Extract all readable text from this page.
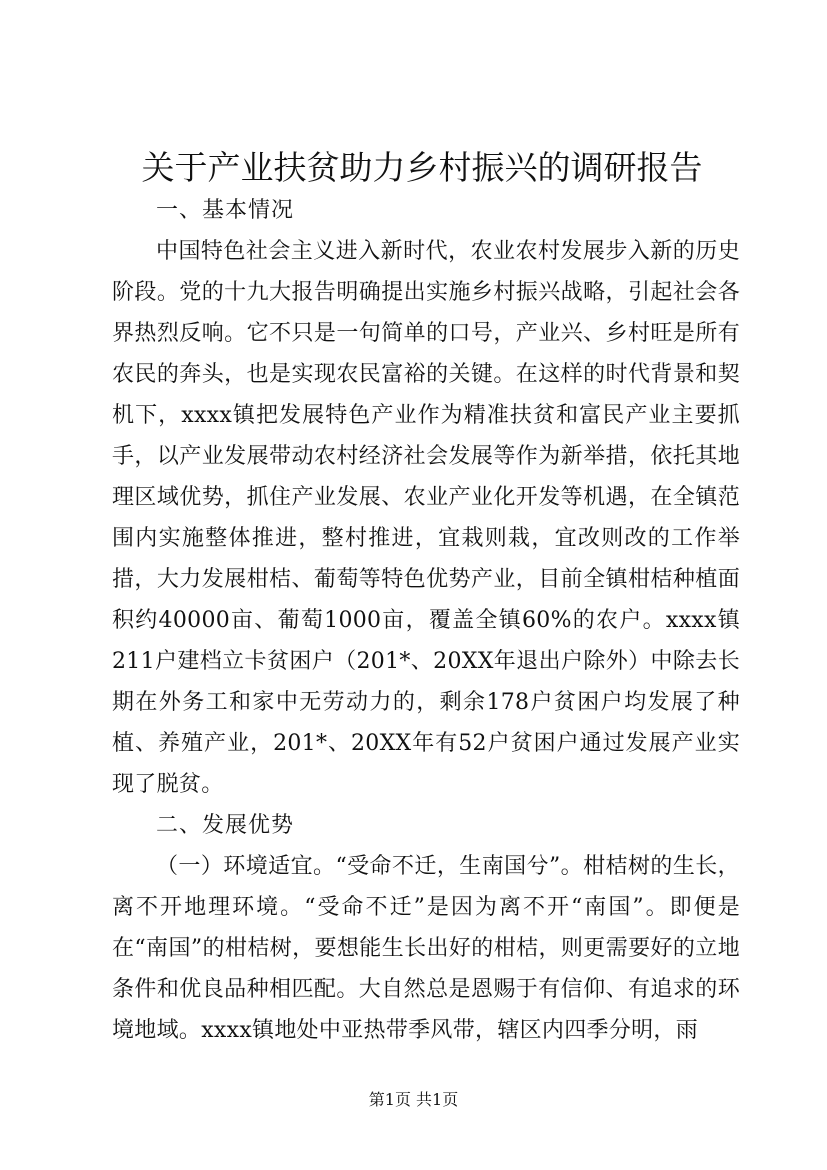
关于产业扶贫助力乡村振兴的调研报告

一、基本情况

中国特色社会主义进入新时代，农业农村发展步入新的历史阶段。党的十九大报告明确提出实施乡村振兴战略，引起社会各界热烈反响。它不只是一句简单的口号，产业兴、乡村旺是所有农民的奔头，也是实现农民富裕的关键。在这样的时代背景和契机下，xxxx镇把发展特色产业作为精准扶贫和富民产业主要抓手，以产业发展带动农村经济社会发展等作为新举措，依托其地理区域优势，抓住产业发展、农业产业化开发等机遇，在全镇范围内实施整体推进，整村推进，宜栽则栽，宜改则改的工作举措，大力发展柑桔、葡萄等特色优势产业，目前全镇柑桔种植面积约40000亩、葡萄1000亩，覆盖全镇60%的农户。xxxx镇211户建档立卡贫困户（201*、20XX年退出户除外）中除去长期在外务工和家中无劳动力的，剩余178户贫困户均发展了种植、养殖产业，201*、20XX年有52户贫困户通过发展产业实现了脱贫。

二、发展优势

（一）环境适宜。“受命不迁，生南国兮”。柑桔树的生长，离不开地理环境。“受命不迁”是因为离不开“南国”。即便是在“南国”的柑桔树，要想能生长出好的柑桔，则更需要好的立地条件和优良品种相匹配。大自然总是恩赐于有信仰、有追求的环境地域。xxxx镇地处中亚热带季风带，辖区内四季分明，雨

第1页 共1页
